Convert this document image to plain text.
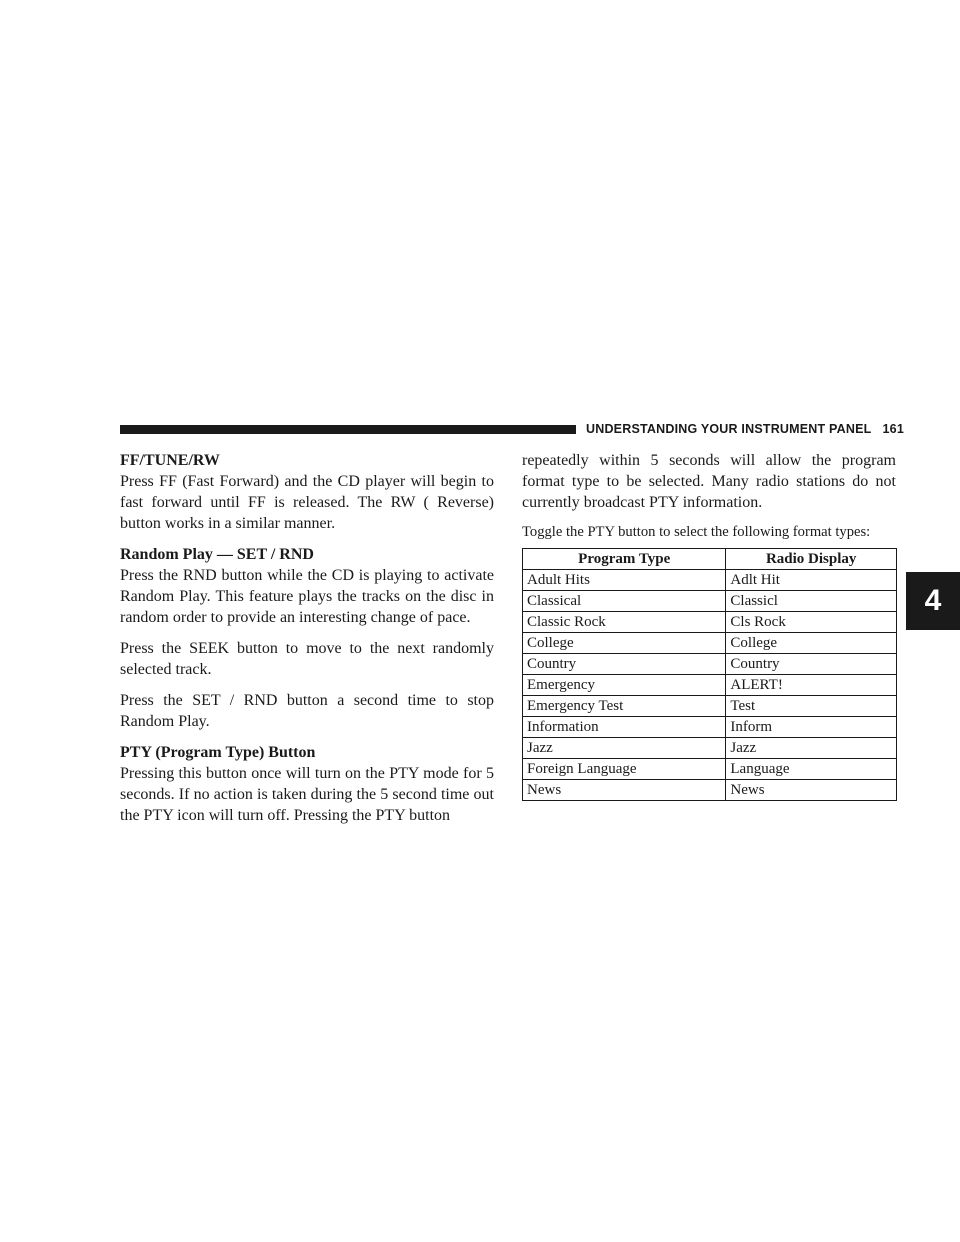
UNDERSTANDING YOUR INSTRUMENT PANEL 161
4

FF/TUNE/RW

Press FF (Fast Forward) and the CD player will begin to fast forward until FF is released. The RW ( Reverse) button works in a similar manner.

Random Play — SET / RND

Press the RND button while the CD is playing to activate Random Play. This feature plays the tracks on the disc in random order to provide an interesting change of pace.

Press the SEEK button to move to the next randomly selected track.

Press the SET / RND button a second time to stop Random Play.

PTY (Program Type) Button

Pressing this button once will turn on the PTY mode for 5 seconds. If no action is taken during the 5 second time out the PTY icon will turn off. Pressing the PTY button

repeatedly within 5 seconds will allow the program format type to be selected. Many radio stations do not currently broadcast PTY information.

Toggle the PTY button to select the following format types:

Program Type	Radio Display
Adult Hits	Adlt Hit
Classical	Classicl
Classic Rock	Cls Rock
College	College
Country	Country
Emergency	ALERT!
Emergency Test	Test
Information	Inform
Jazz	Jazz
Foreign Language	Language
News	News
